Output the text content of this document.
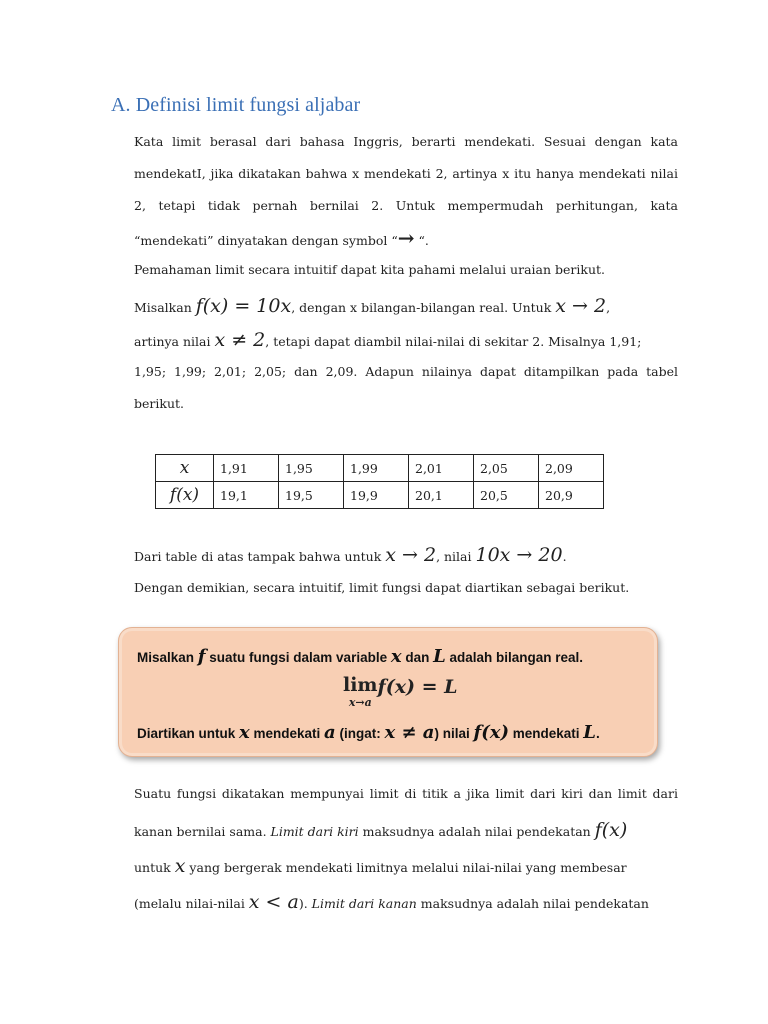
A. Definisi limit fungsi aljabar
Kata limit berasal dari bahasa Inggris, berarti mendekati. Sesuai dengan kata
mendekatI, jika dikatakan bahwa x mendekati 2, artinya x itu hanya mendekati nilai
2, tetapi tidak pernah bernilai 2. Untuk mempermudah perhitungan, kata
“mendekati” dinyatakan dengan symbol “→ “.
Pemahaman limit secara intuitif dapat kita pahami melalui uraian berikut.
Misalkan f(x) = 10x, dengan x bilangan-bilangan real. Untuk x → 2,
artinya nilai x ≠ 2, tetapi dapat diambil nilai-nilai di sekitar 2. Misalnya 1,91;
1,95; 1,99; 2,01; 2,05; dan 2,09. Adapun nilainya dapat ditampilkan pada tabel
berikut.
x	1,91	1,95	1,99	2,01	2,05	2,09
f(x)	19,1	19,5	19,9	20,1	20,5	20,9
Dari table di atas tampak bahwa untuk x → 2, nilai 10x → 20.
Dengan demikian, secara intuitif, limit fungsi dapat diartikan sebagai berikut.
Misalkan f suatu fungsi dalam variable x dan L adalah bilangan real.
lim
x→a
f(x) = L
Diartikan untuk x mendekati a (ingat: x ≠ a) nilai f(x) mendekati L.
Suatu fungsi dikatakan mempunyai limit di titik a jika limit dari kiri dan limit dari
kanan bernilai sama. Limit dari kiri maksudnya adalah nilai pendekatan f(x)
untuk x yang bergerak mendekati limitnya melalui nilai-nilai yang membesar
(melalu nilai-nilai x < a). Limit dari kanan maksudnya adalah nilai pendekatan
